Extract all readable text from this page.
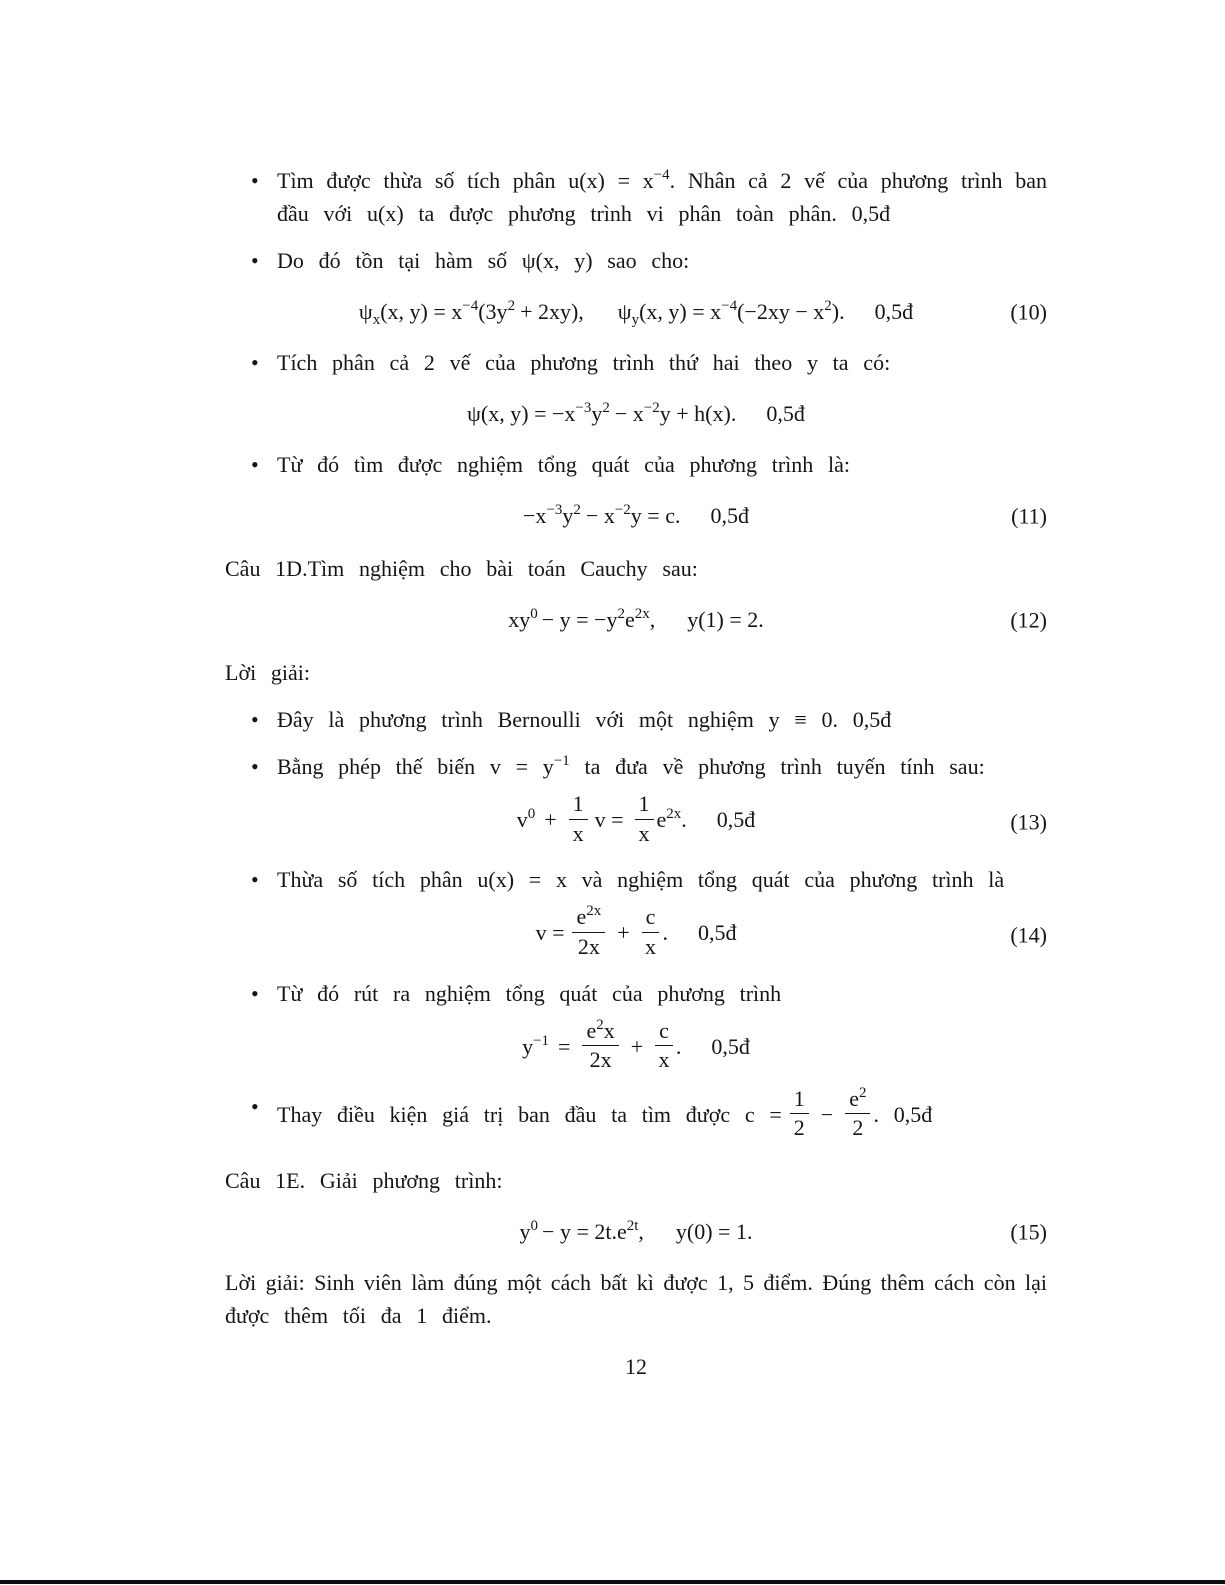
• Tìm được thừa số tích phân $u(x) = x^{-4}$. Nhân cả 2 vế của phương trình ban
đầu với u(x) ta được phương trình vi phân toàn phân. 0,5đ
• Do đó tồn tại hàm số ψ(x, y) sao cho:
$\psi_x(x$, $y) = x^{-4}(3y^2 + 2xy)$, $\psi_y(x$, $y) = x^{-4}(-2xy - x^2)$. 0,5đ	(10)
• Tích phân cả 2 vế của phương trình thứ hai theo y ta có:
ψ(x, $y) = -x^{-3}y^2 - x^{-2}y + h(x)$. 0,5đ
• Từ đó tìm được nghiệm tổng quát của phương trình là:
$-x^{-3}y^2 - x^{-2}y = c$. 0,5đ	(11)
Câu 1D.Tìm nghiệm cho bài toán Cauchy sau:
$xy^0 - y = -y^2e^{2x}$, y(1) = 2.	(12)
Lời giải:
• Đây là phương trình Bernoulli với một nghiệm y ≡ 0. 0,5đ
• Bằng phép thế biến $v = y^{-1}$ ta đưa về phương trình tuyến tính sau:
$v^0 + \frac{1}{x}$ $v = \frac{1}{x} e^{2x}$. 0,5đ	(13)
• Thừa số tích phân u(x) = x và nghiệm tổng quát của phương trình là
$v = \frac{e^{2x}}{2x} + \frac{c}{x}$ . 0,5đ	(14)
• Từ đó rút ra nghiệm tổng quát của phương trình
$y^{-1} = \frac{e^2x}{2x} + \frac{c}{x}$ . 0,5đ
• Thay điều kiện giá trị ban đầu ta tìm được $c = \frac{1}{2} - \frac{e^2}{2}$ . 0,5đ
Câu 1E. Giải phương trình:
$y^0 - y = 2t.e^{2t}$, y(0) = 1.	(15)
Lời giải: Sinh viên làm đúng một cách bất kì được 1, 5 điểm. Đúng thêm cách còn lại
được thêm tối đa 1 điểm.
12
